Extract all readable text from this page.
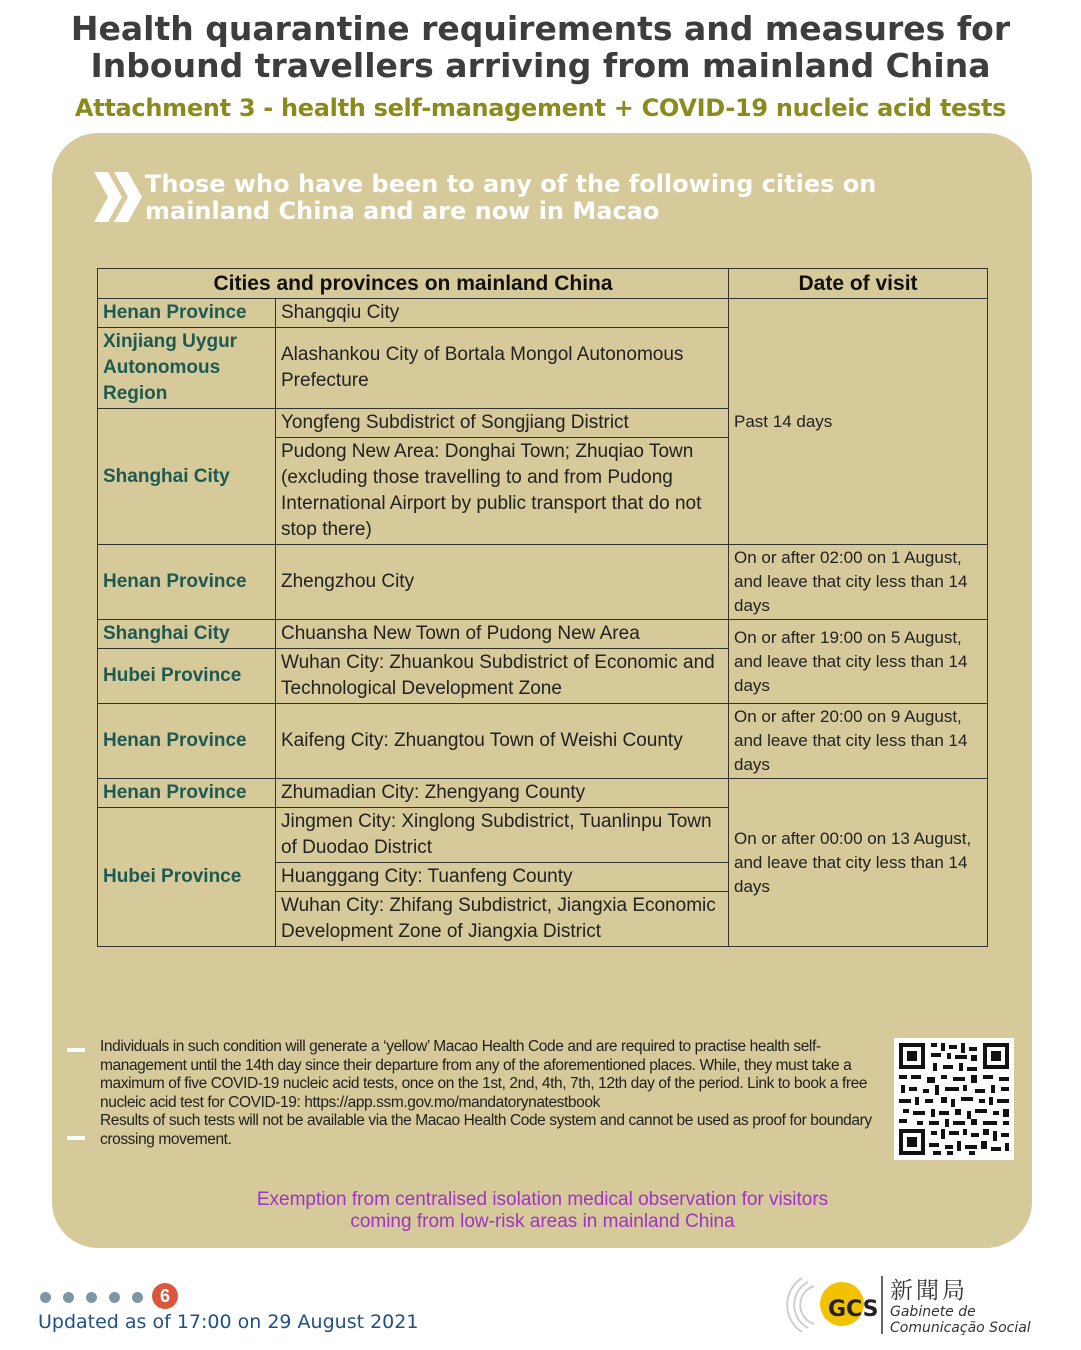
Health quarantine requirements and measures for
Inbound travellers arriving from mainland China
Attachment 3 - health self-management + COVID-19 nucleic acid tests
Those who have been to any of the following cities on
mainland China and are now in Macao
Cities and provinces on mainland China		Date of visit
Henan Province	Shangqiu City	Past 14 days
Xinjiang Uygur Autonomous Region	Alashankou City of Bortala Mongol Autonomous Prefecture	
Shanghai City	Yongfeng Subdistrict of Songjiang District	
	Pudong New Area: Donghai Town; Zhuqiao Town (excluding those travelling to and from Pudong International Airport by public transport that do not stop there)	
Henan Province	Zhengzhou City	On or after 02:00 on 1 August, and leave that city less than 14 days
Shanghai City	Chuansha New Town of Pudong New Area	On or after 19:00 on 5 August, and leave that city less than 14 days
Hubei Province	Wuhan City: Zhuankou Subdistrict of Economic and Technological Development Zone	
Henan Province	Kaifeng City: Zhuangtou Town of Weishi County	On or after 20:00 on 9 August, and leave that city less than 14 days
Henan Province	Zhumadian City: Zhengyang County	On or after 00:00 on 13 August, and leave that city less than 14 days
Hubei Province	Jingmen City: Xinglong Subdistrict, Tuanlinpu Town of Duodao District	
	Huanggang City: Tuanfeng County	
	Wuhan City: Zhifang Subdistrict, Jiangxia Economic Development Zone of Jiangxia District	
Individuals in such condition will generate a ‘yellow’ Macao Health Code and are required to practise health self-management until the 14th day since their departure from any of the aforementioned places. While, they must take a maximum of five COVID-19 nucleic acid tests, once on the 1st, 2nd, 4th, 7th, 12th day of the period. Link to book a free nucleic acid test for COVID-19: https://app.ssm.gov.mo/mandatorynatestbook
Results of such tests will not be available via the Macao Health Code system and cannot be used as proof for boundary crossing movement.
Exemption from centralised isolation medical observation for visitors
coming from low-risk areas in mainland China
6
Updated as of 17:00 on 29 August 2021	GCS
新聞局
Gabinete de
Comunicação Social
